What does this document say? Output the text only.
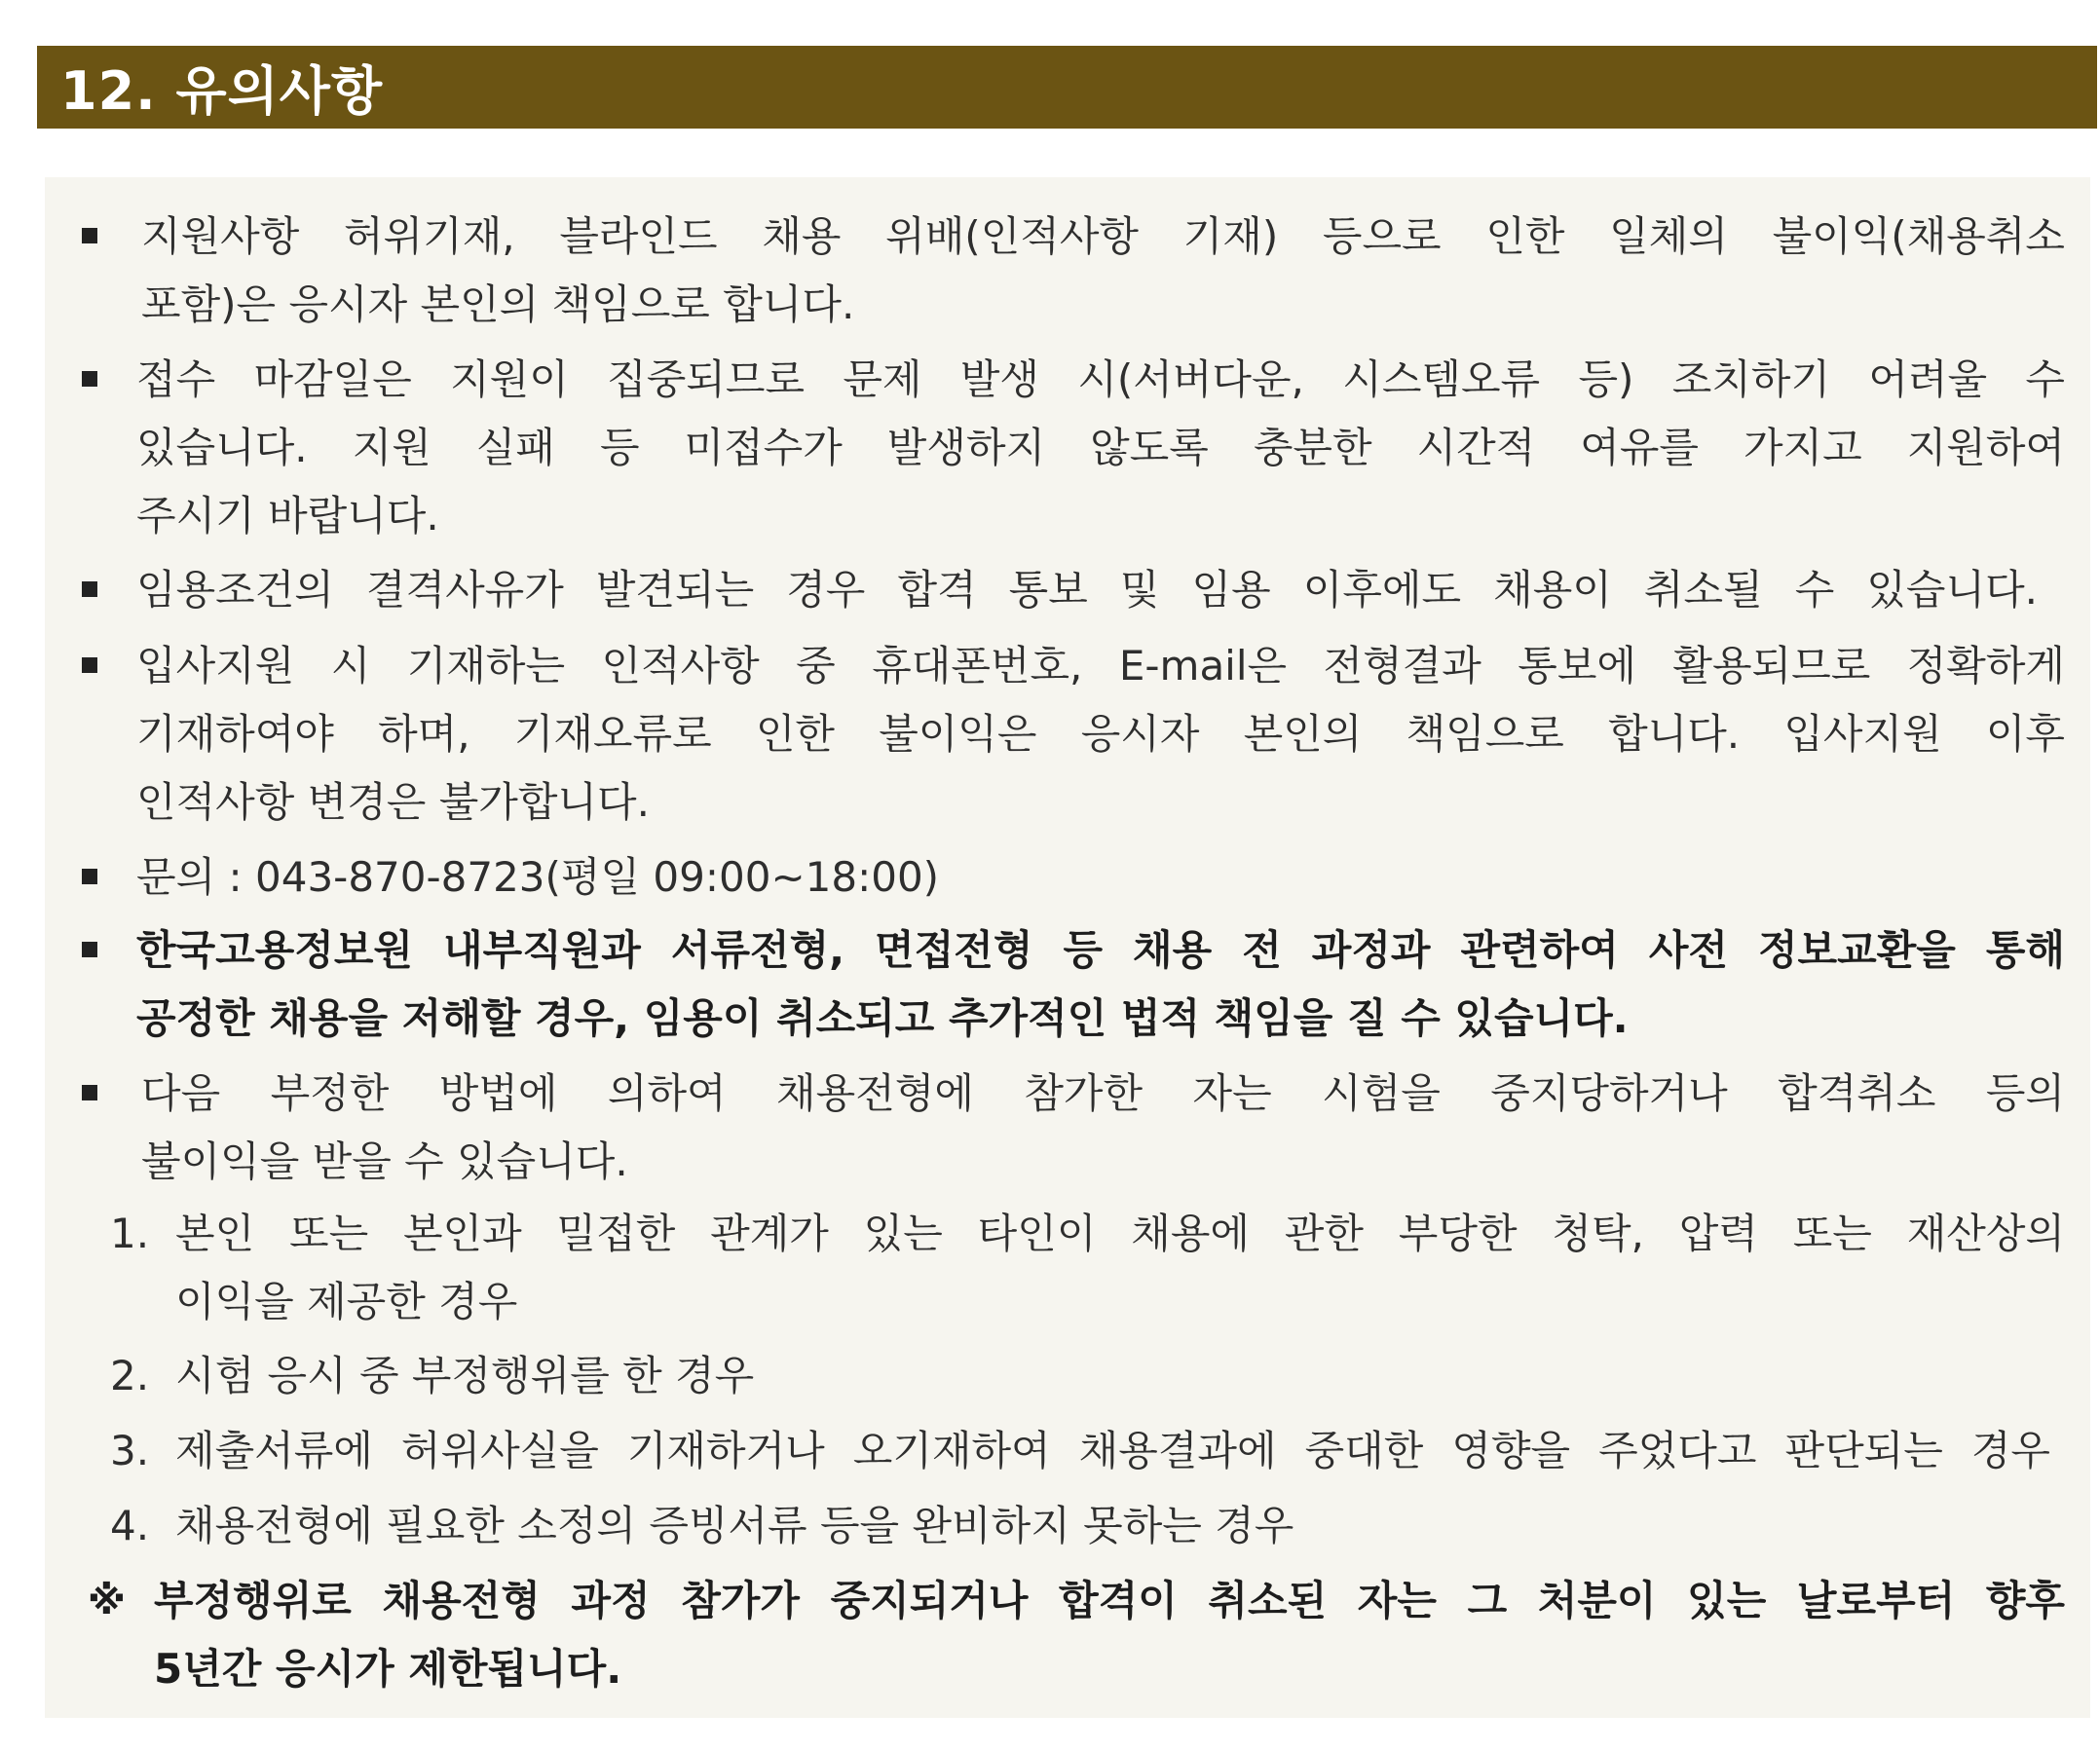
12. 유의사항
지원사항 허위기재, 블라인드 채용 위배(인적사항 기재) 등으로 인한 일체의 불이익(채용취소
포함)은 응시자 본인의 책임으로 합니다.
접수 마감일은 지원이 집중되므로 문제 발생 시(서버다운, 시스템오류 등) 조치하기 어려울 수
있습니다. 지원 실패 등 미접수가 발생하지 않도록 충분한 시간적 여유를 가지고 지원하여
주시기 바랍니다.
임용조건의 결격사유가 발견되는 경우 합격 통보 및 임용 이후에도 채용이 취소될 수 있습니다.
입사지원 시 기재하는 인적사항 중 휴대폰번호, E-mail은 전형결과 통보에 활용되므로 정확하게
기재하여야 하며, 기재오류로 인한 불이익은 응시자 본인의 책임으로 합니다. 입사지원 이후
인적사항 변경은 불가합니다.
문의 : 043-870-8723(평일 09:00~18:00)
한국고용정보원 내부직원과 서류전형, 면접전형 등 채용 전 과정과 관련하여 사전 정보교환을 통해
공정한 채용을 저해할 경우, 임용이 취소되고 추가적인 법적 책임을 질 수 있습니다.
다음 부정한 방법에 의하여 채용전형에 참가한 자는 시험을 중지당하거나 합격취소 등의
불이익을 받을 수 있습니다.
1. 본인 또는 본인과 밀접한 관계가 있는 타인이 채용에 관한 부당한 청탁, 압력 또는 재산상의
이익을 제공한 경우
2. 시험 응시 중 부정행위를 한 경우
3. 제출서류에 허위사실을 기재하거나 오기재하여 채용결과에 중대한 영향을 주었다고 판단되는 경우
4. 채용전형에 필요한 소정의 증빙서류 등을 완비하지 못하는 경우
※ 부정행위로 채용전형 과정 참가가 중지되거나 합격이 취소된 자는 그 처분이 있는 날로부터 향후
5년간 응시가 제한됩니다.
